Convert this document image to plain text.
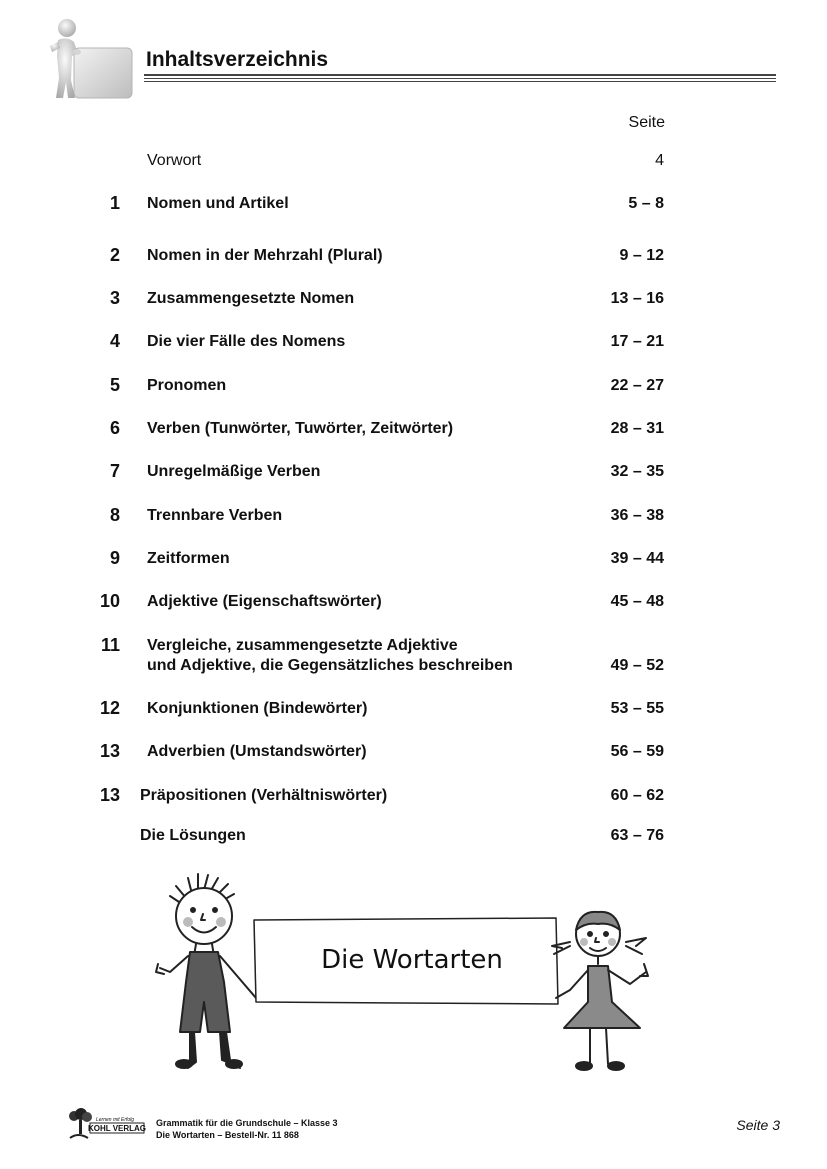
Inhaltsverzeichnis
Seite
Vorwort	4
1 Nomen und Artikel	5 – 8
2 Nomen in der Mehrzahl (Plural)	9 – 12
3 Zusammengesetzte Nomen	13 – 16
4 Die vier Fälle des Nomens	17 – 21
5 Pronomen	22 – 27
6 Verben (Tunwörter, Tuwörter, Zeitwörter)	28 – 31
7 Unregelmäßige Verben	32 – 35
8 Trennbare Verben	36 – 38
9 Zeitformen	39 – 44
10 Adjektive (Eigenschaftswörter)	45 – 48
11 Vergleiche, zusammengesetzte Adjektive
und Adjektive, die Gegensätzliches beschreiben	49 – 52
12 Konjunktionen (Bindewörter)	53 – 55
13 Adverbien (Umstandswörter)	56 – 59
13 Präpositionen (Verhältniswörter)	60 – 62
Die Lösungen	63 – 76
Die Wortarten
Lernen mit Erfolg
KOHL VERLAG
Grammatik für die Grundschule – Klasse 3
Die Wortarten – Bestell-Nr. 11 868
Seite 3
